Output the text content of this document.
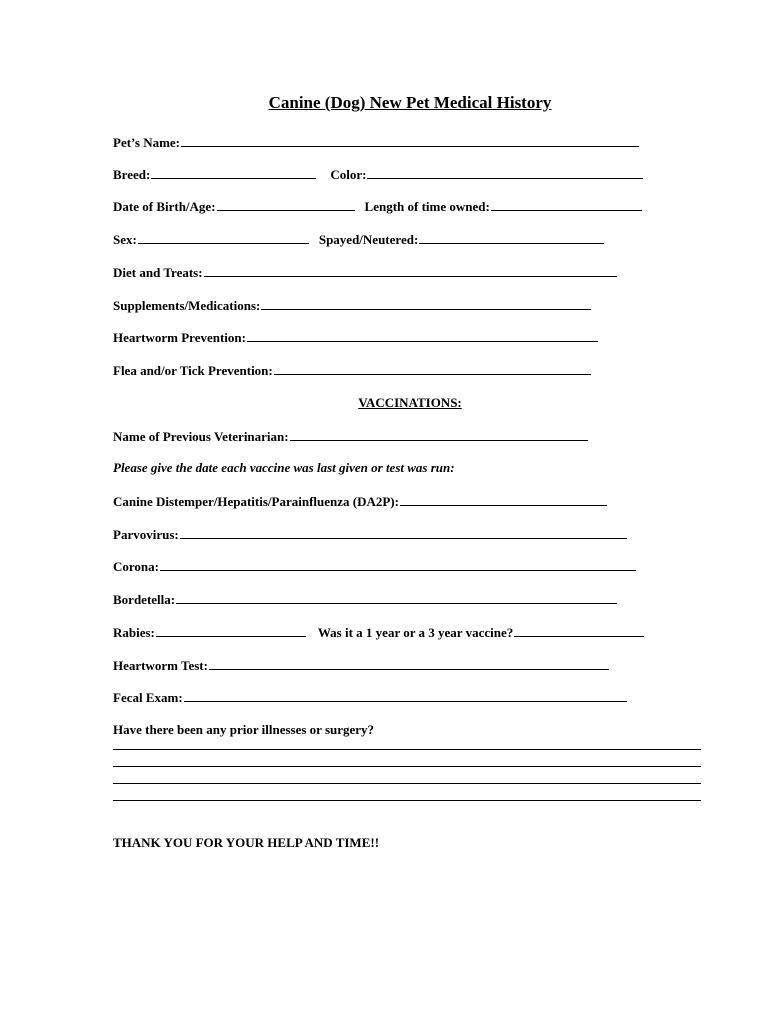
Canine (Dog) New Pet Medical History
Pet’s Name:
Breed:	Color:
Date of Birth/Age:	Length of time owned:
Sex:	Spayed/Neutered:
Diet and Treats:
Supplements/Medications:
Heartworm Prevention:
Flea and/or Tick Prevention:
VACCINATIONS:
Name of Previous Veterinarian:
Please give the date each vaccine was last given or test was run:
Canine Distemper/Hepatitis/Parainfluenza (DA2P):
Parvovirus:
Corona:
Bordetella:
Rabies:	Was it a 1 year or a 3 year vaccine?
Heartworm Test:
Fecal Exam:
Have there been any prior illnesses or surgery?
THANK YOU FOR YOUR HELP AND TIME!!
